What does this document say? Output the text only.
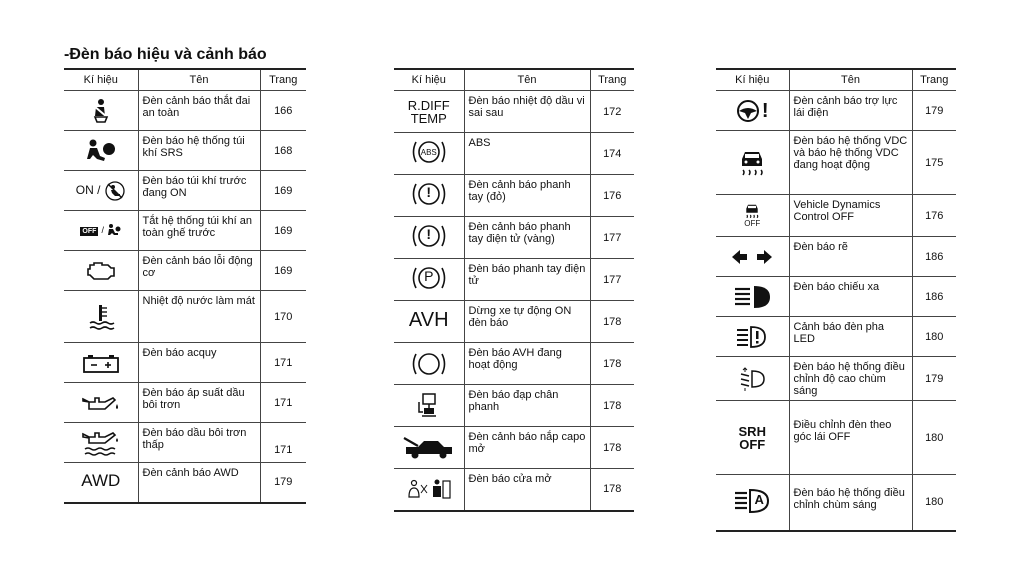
-Đèn báo hiệu và cảnh báo
Kí hiệu	Tên	Trang

Đèn cảnh báo thắt đai an toàn	166

Đèn báo hệ thống túi khí SRS	168
ON /	Đèn báo túi khí trước đang ON	169
OFF /	Tắt hệ thống túi khí an toàn ghế trước	169

Đèn cảnh báo lỗi động cơ	169

Nhiệt độ nước làm mát	170

Đèn báo acquy	171

Đèn báo áp suất dầu bôi trơn	171

Đèn báo dầu bôi trơn thấp	171
AWD	Đèn cảnh báo AWD	179
Kí hiệu	Tên	Trang

R.DIFF
TEMP	Đèn báo nhiệt độ dầu vi sai sau	172

ABS	ABS	174

!	Đèn cảnh báo phanh tay (đỏ)	176

!	Đèn cảnh báo phanh tay điện tử (vàng)	177

P	Đèn báo phanh tay điện tử	177
AVH	Dừng xe tự động ON đèn báo	178

Đèn báo AVH đang hoạt động	178

Đèn báo đạp chân phanh	178

Đèn cảnh báo nắp capo mở	178

Đèn báo cửa mở	178
Kí hiệu	Tên	Trang
!	Đèn cảnh báo trợ lực lái điện	179

Đèn báo hệ thống VDC và báo hệ thống VDC đang hoạt động	175

OFF	Vehicle Dynamics Control OFF	176

Đèn báo rẽ	186

Đèn báo chiếu xa	186

Cảnh báo đèn pha LED	180

Đèn báo hệ thống điều chỉnh độ cao chùm sáng	179

SRH
OFF	Điều chỉnh đèn theo góc lái OFF	180

A	Đèn báo hệ thống điều chỉnh chùm sáng	180
